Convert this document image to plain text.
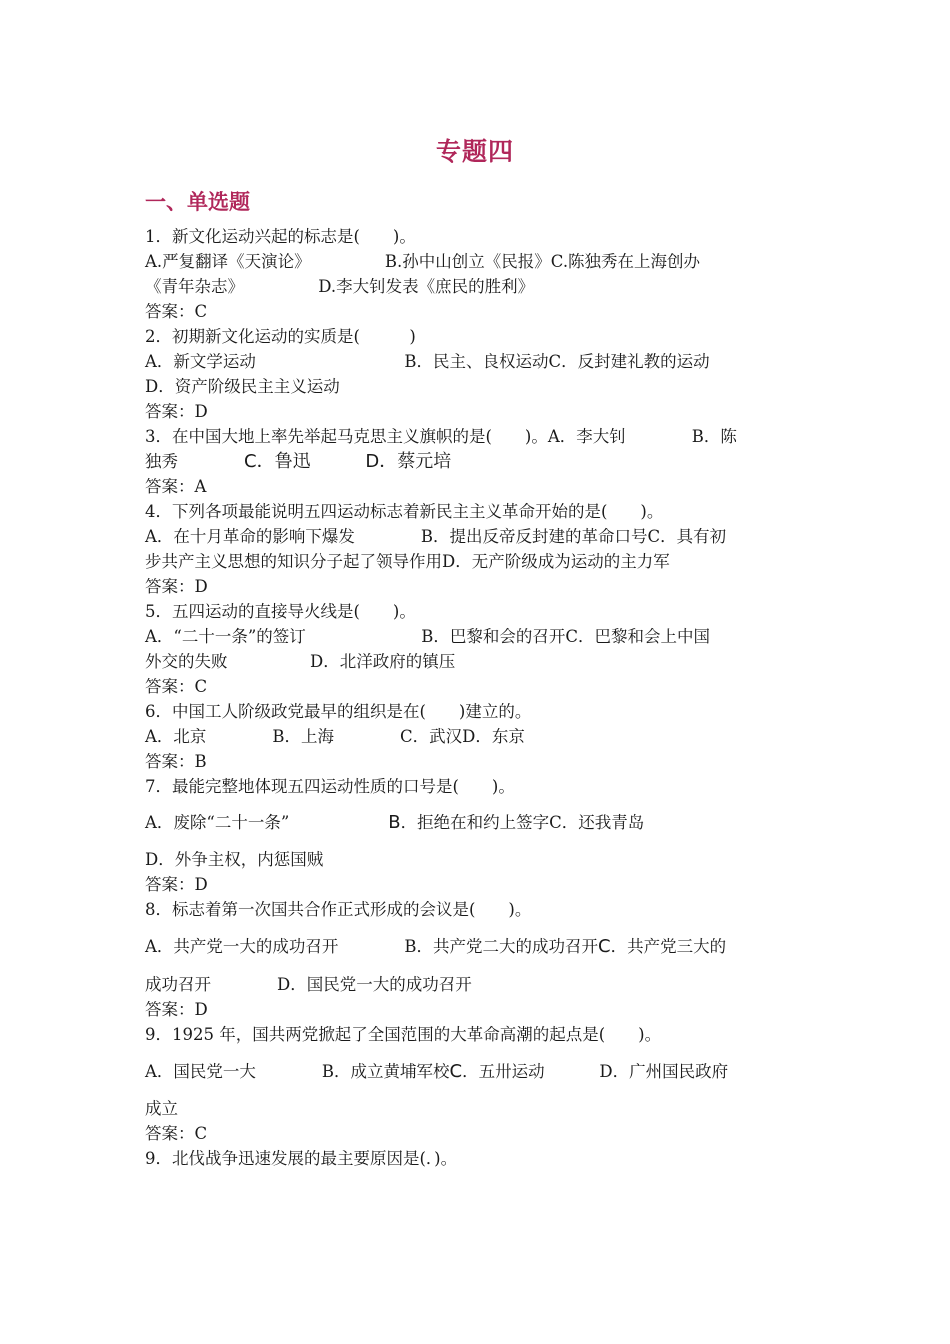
专题四
一、单选题
1．新文化运动兴起的标志是(　　)。
A.严复翻译《天演论》　　　　　B.孙中山创立《民报》C.陈独秀在上海创办
《青年杂志》　　　　　D.李大钊发表《庶民的胜利》
答案：C
2．初期新文化运动的实质是(　　　)
A．新文学运动　　　　　　　　　B．民主、良权运动C．反封建礼教的运动
D．资产阶级民主主义运动
答案：D
3．在中国大地上率先举起马克思主义旗帜的是(　　)。A．李大钊　　　　B．陈
独秀　　　　C．鲁迅　　　	D．蔡元培
答案：A
4．下列各项最能说明五四运动标志着新民主主义革命开始的是(　　)。
A．在十月革命的影响下爆发　　　　B．提出反帝反封建的革命口号C．具有初
步共产主义思想的知识分子起了领导作用D．无产阶级成为运动的主力军
答案：D
5．五四运动的直接导火线是(　　)。
A．“二十一条”的签订　　　　　　　B．巴黎和会的召开C．巴黎和会上中国
外交的失败　　　　　D．北洋政府的镇压
答案：C
6．中国工人阶级政党最早的组织是在(　　)建立的。
A．北京　　　　B．上海　　　　C．武汉D．东京
答案：B
7．最能完整地体现五四运动性质的口号是(　　)。
A．废除“二十一条”　　　　　　B．拒绝在和约上签字C．还我青岛
D．外争主权，内惩国贼
答案：D
8．标志着第一次国共合作正式形成的会议是(　　)。
A．共产党一大的成功召开　　　　B．共产党二大的成功召开C．共产党三大的
成功召开　　　　D．国民党一大的成功召开
答案：D
9．1925 年，国共两党掀起了全国范围的大革命高潮的起点是(　　)。
A．国民党一大　　　　B．成立黄埔军校C．五卅运动　　　	D．广州国民政府
成立
答案：C
9．北伐战争迅速发展的最主要原因是(．)。
